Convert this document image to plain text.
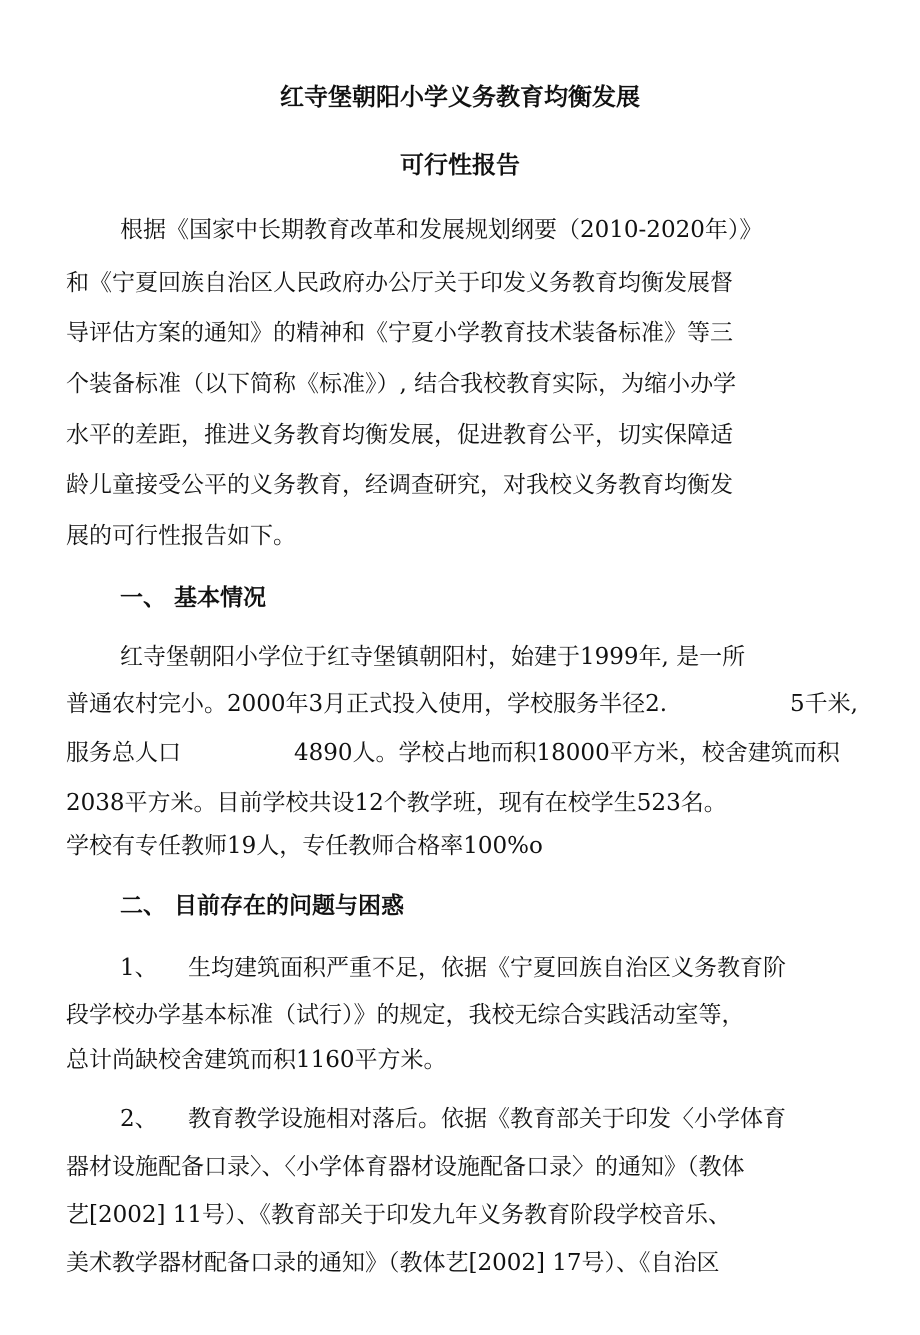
红寺堡朝阳小学义务教育均衡发展
可行性报告
根据《国家中长期教育改革和发展规划纲要（2010-2020年）》
和《宁夏回族自治区人民政府办公厅关于印发义务教育均衡发展督
导评估方案的通知》的精神和《宁夏小学教育技术装备标准》等三
个装备标准（以下简称《标准》）, 结合我校教育实际，为缩小办学
水平的差距，推进义务教育均衡发展，促进教育公平，切实保障适
龄儿童接受公平的义务教育，经调查研究，对我校义务教育均衡发
展的可行性报告如下。
一、 基本情况
红寺堡朝阳小学位于红寺堡镇朝阳村，始建于1999年, 是一所
普通农村完小。2000年3月正式投入使用，学校服务半径2.	5千米,
服务总人口	4890人。学校占地而积18000平方米，校舍建筑而积
2038平方米。目前学校共设12个教学班，现有在校学生523名。
学校有专任教师19人，专任教师合格率100%o
二、 目前存在的问题与困惑
1、 生均建筑面积严重不足，依据《宁夏回族自治区义务教育阶
段学校办学基本标准（试行）》的规定，我校无综合实践活动室等，
总计尚缺校舍建筑而积1160平方米。
2、 教育教学设施相对落后。依据《教育部关于印发〈小学体育
器材设施配备口录〉、〈小学体育器材设施配备口录〉的通知》（教体
艺[2002] 11号）、《教育部关于印发九年义务教育阶段学校音乐、
美术教学器材配备口录的通知》（教体艺[2002] 17号）、《自治区
